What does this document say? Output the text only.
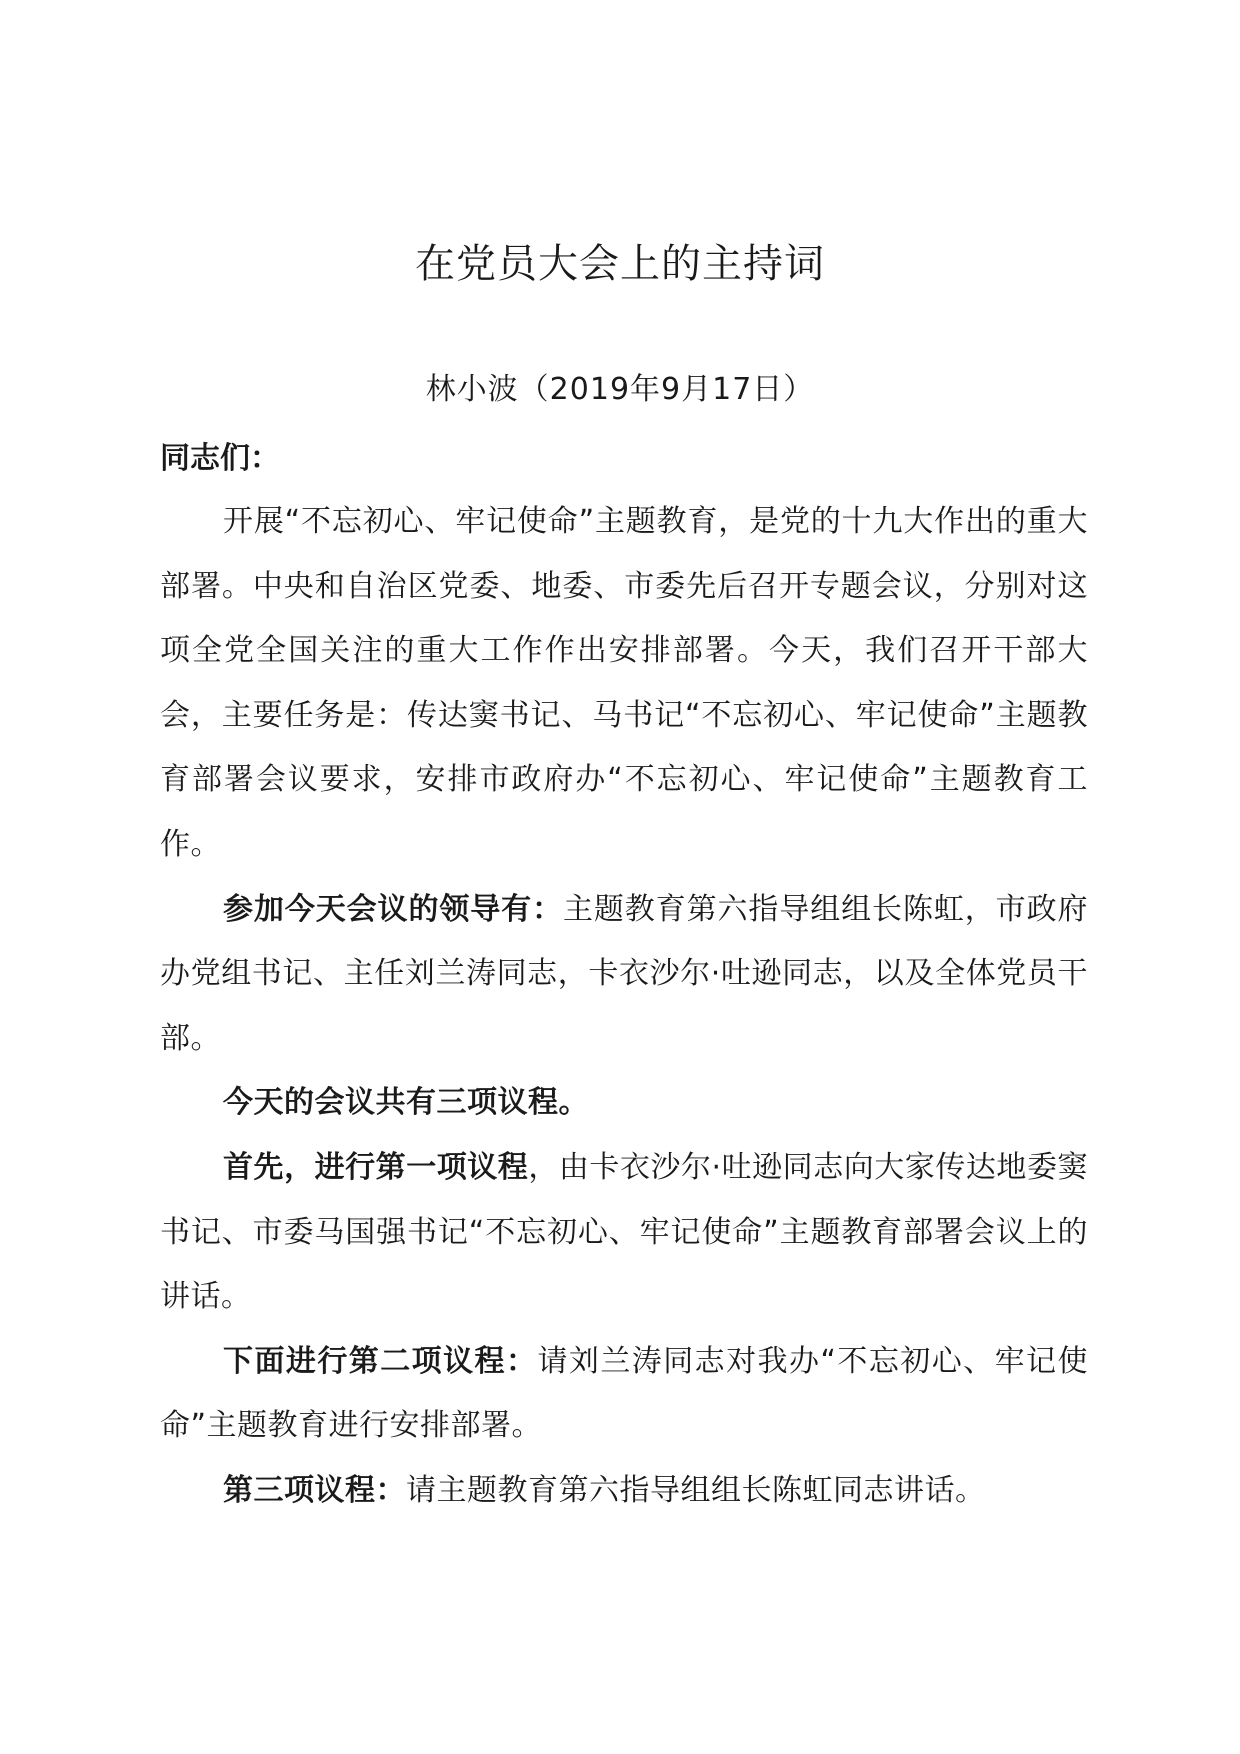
在党员大会上的主持词

林小波（2019年9月17日）

同志们：

开展“不忘初心、牢记使命”主题教育，是党的十九大作出的重大部署。中央和自治区党委、地委、市委先后召开专题会议，分别对这项全党全国关注的重大工作作出安排部署。今天，我们召开干部大会，主要任务是：传达窦书记、马书记“不忘初心、牢记使命”主题教育部署会议要求，安排市政府办“不忘初心、牢记使命”主题教育工作。

参加今天会议的领导有：主题教育第六指导组组长陈虹，市政府办党组书记、主任刘兰涛同志，卡衣沙尔·吐逊同志，以及全体党员干部。

今天的会议共有三项议程。

首先，进行第一项议程，由卡衣沙尔·吐逊同志向大家传达地委窦书记、市委马国强书记“不忘初心、牢记使命”主题教育部署会议上的讲话。

下面进行第二项议程：请刘兰涛同志对我办“不忘初心、牢记使命”主题教育进行安排部署。

第三项议程：请主题教育第六指导组组长陈虹同志讲话。
